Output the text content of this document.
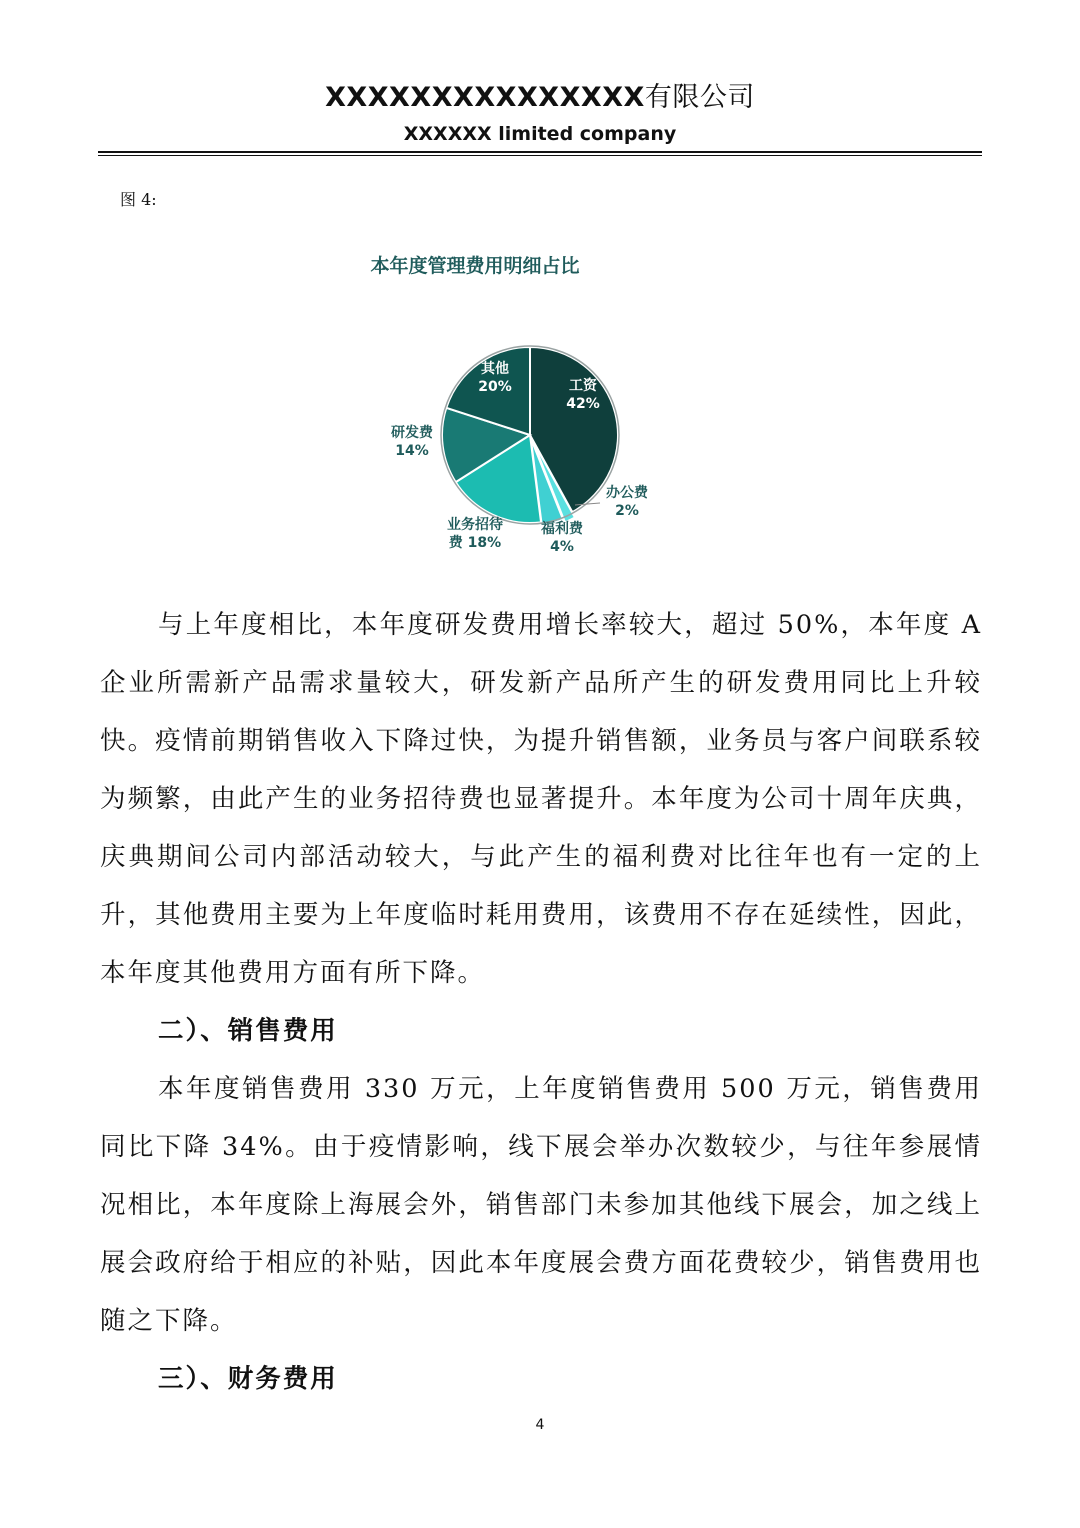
XXXXXXXXXXXXXXX有限公司
XXXXXX limited company
图 4:
本年度管理费用明细占比
工资 42%
办公费 2%
福利费 4%
业务招待费 18%
研发费 14%
其他 20%

与上年度相比，本年度研发费用增长率较大，超过 50%，本年度 A 企业所需新产品需求量较大，研发新产品所产生的研发费用同比上升较快。疫情前期销售收入下降过快，为提升销售额，业务员与客户间联系较为频繁，由此产生的业务招待费也显著提升。本年度为公司十周年庆典，庆典期间公司内部活动较大，与此产生的福利费对比往年也有一定的上升，其他费用主要为上年度临时耗用费用，该费用不存在延续性，因此，本年度其他费用方面有所下降。

二）、销售费用

本年度销售费用 330 万元，上年度销售费用 500 万元，销售费用同比下降 34%。由于疫情影响，线下展会举办次数较少，与往年参展情况相比，本年度除上海展会外，销售部门未参加其他线下展会，加之线上展会政府给于相应的补贴，因此本年度展会费方面花费较少，销售费用也随之下降。

三）、财务费用

4
